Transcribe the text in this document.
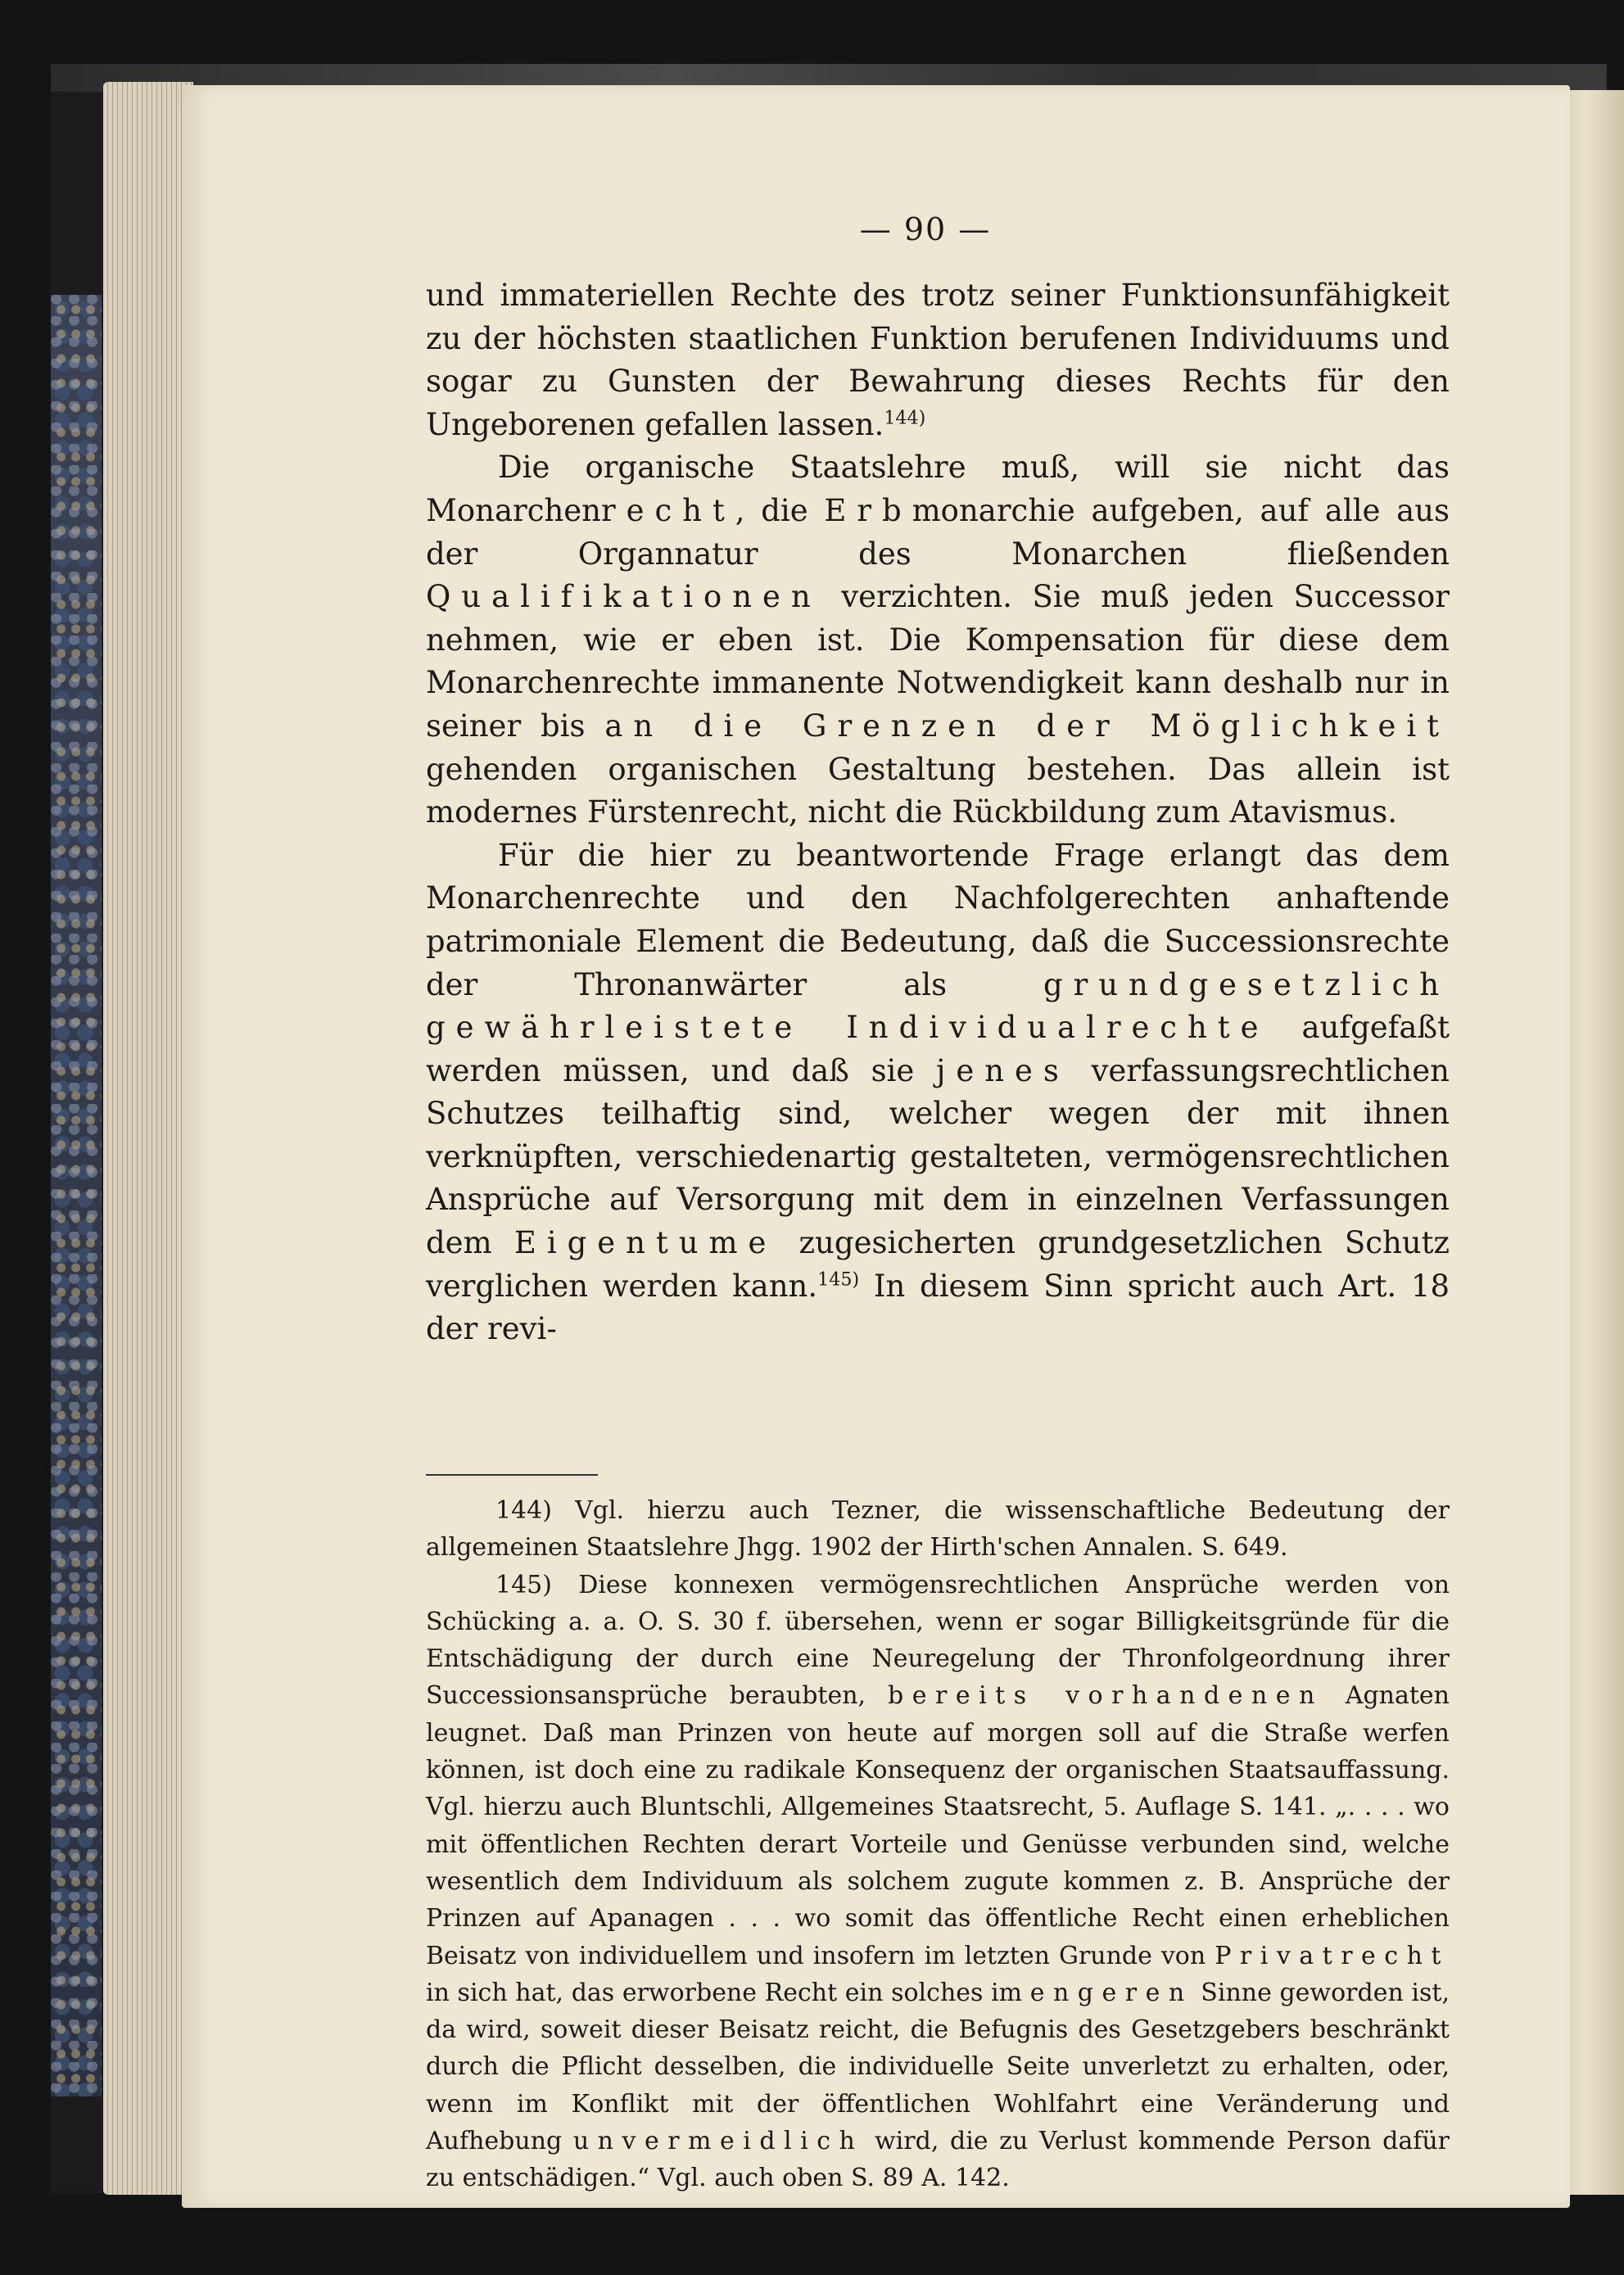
— 90 —

und immateriellen Rechte des trotz seiner Funktionsunfähigkeit zu der höchsten staatlichen Funktion berufenen Individuums und sogar zu Gunsten der Bewahrung dieses Rechts für den Ungeborenen gefallen lassen.$^{144)}$

Die organische Staatslehre muß, will sie nicht das Monarchenrecht, die Erbmonarchie aufgeben, auf alle aus der Organnatur des Monarchen fließenden Qualifikationen verzichten. Sie muß jeden Successor nehmen, wie er eben ist. Die Kompensation für diese dem Monarchenrechte immanente Notwendigkeit kann deshalb nur in seiner bis an die Grenzen der Möglichkeit gehenden organischen Gestaltung bestehen. Das allein ist modernes Fürstenrecht, nicht die Rückbildung zum Atavismus.

Für die hier zu beantwortende Frage erlangt das dem Monarchenrechte und den Nachfolgerechten anhaftende patrimoniale Element die Bedeutung, daß die Successionsrechte der Thronanwärter als grundgesetzlich gewährleistete Individualrechte aufgefaßt werden müssen, und daß sie jenes verfassungsrechtlichen Schutzes teilhaftig sind, welcher wegen der mit ihnen verknüpften, verschiedenartig gestalteten, vermögensrechtlichen Ansprüche auf Versorgung mit dem in einzelnen Verfassungen dem Eigentume zugesicherten grundgesetzlichen Schutz verglichen werden kann.$^{145)}$ In diesem Sinn spricht auch Art. 18 der revi-

144) Vgl. hierzu auch Tezner, die wissenschaftliche Bedeutung der allgemeinen Staatslehre Jhgg. 1902 der Hirth'schen Annalen. S. 649.

145) Diese konnexen vermögensrechtlichen Ansprüche werden von Schücking a. a. O. S. 30 f. übersehen, wenn er sogar Billigkeitsgründe für die Entschädigung der durch eine Neuregelung der Thronfolgeordnung ihrer Successionsansprüche beraubten, bereits vorhandenen Agnaten leugnet. Daß man Prinzen von heute auf morgen soll auf die Straße werfen können, ist doch eine zu radikale Konsequenz der organischen Staatsauffassung. Vgl. hierzu auch Bluntschli, Allgemeines Staatsrecht, 5. Auflage S. 141. „. . . . wo mit öffentlichen Rechten derart Vorteile und Genüsse verbunden sind, welche wesentlich dem Individuum als solchem zugute kommen z. B. Ansprüche der Prinzen auf Apanagen . . . wo somit das öffentliche Recht einen erheblichen Beisatz von individuellem und insofern im letzten Grunde von Privatrecht in sich hat, das erworbene Recht ein solches im engeren Sinne geworden ist, da wird, soweit dieser Beisatz reicht, die Befugnis des Gesetzgebers beschränkt durch die Pflicht desselben, die individuelle Seite unverletzt zu erhalten, oder, wenn im Konflikt mit der öffentlichen Wohlfahrt eine Veränderung und Aufhebung unvermeidlich wird, die zu Verlust kommende Person dafür zu entschädigen.“ Vgl. auch oben S. 89 A. 142.
